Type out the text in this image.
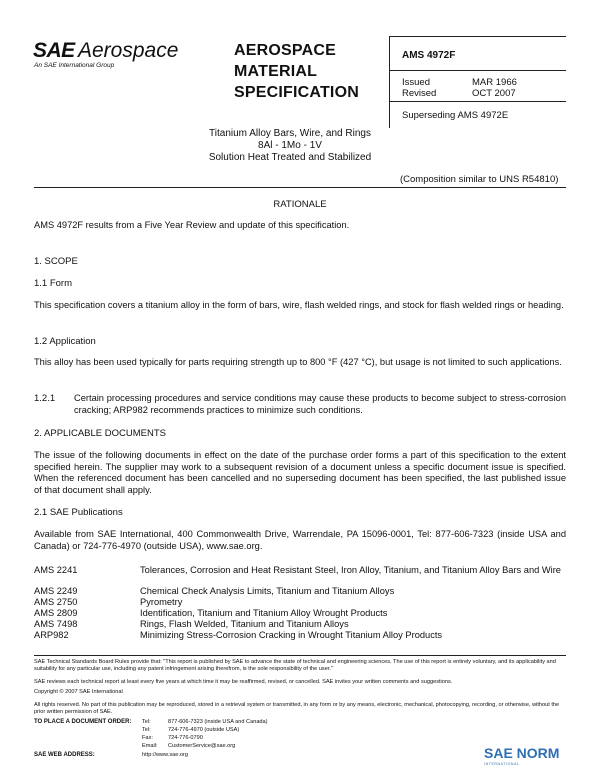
SAE Aerospace
An SAE International Group
AEROSPACE
MATERIAL
SPECIFICATION
AMS 4972F
Issued	MAR 1966
Revised	OCT 2007
Superseding AMS 4972E
Titanium Alloy Bars, Wire, and Rings
8Al - 1Mo - 1V
Solution Heat Treated and Stabilized
(Composition similar to UNS R54810)
RATIONALE
AMS 4972F results from a Five Year Review and update of this specification.
1. SCOPE
1.1 Form
This specification covers a titanium alloy in the form of bars, wire, flash welded rings, and stock for flash welded rings or heading.
1.2 Application
This alloy has been used typically for parts requiring strength up to 800 °F (427 °C), but usage is not limited to such applications.
1.2.1 Certain processing procedures and service conditions may cause these products to become subject to stress-corrosion cracking; ARP982 recommends practices to minimize such conditions.
2. APPLICABLE DOCUMENTS
The issue of the following documents in effect on the date of the purchase order forms a part of this specification to the extent specified herein. The supplier may work to a subsequent revision of a document unless a specific document issue is specified. When the referenced document has been cancelled and no superseding document has been specified, the last published issue of that document shall apply.
2.1 SAE Publications
Available from SAE International, 400 Commonwealth Drive, Warrendale, PA 15096-0001, Tel: 877-606-7323 (inside USA and Canada) or 724-776-4970 (outside USA), www.sae.org.
AMS 2241	Tolerances, Corrosion and Heat Resistant Steel, Iron Alloy, Titanium, and Titanium Alloy Bars and Wire
AMS 2249	Chemical Check Analysis Limits, Titanium and Titanium Alloys
AMS 2750	Pyrometry
AMS 2809	Identification, Titanium and Titanium Alloy Wrought Products
AMS 7498	Rings, Flash Welded, Titanium and Titanium Alloys
ARP982	Minimizing Stress-Corrosion Cracking in Wrought Titanium Alloy Products
SAE Technical Standards Board Rules provide that: "This report is published by SAE to advance the state of technical and engineering sciences. The use of this report is entirely voluntary, and its applicability and suitability for any particular use, including any patent infringement arising therefrom, is the sole responsibility of the user."
SAE reviews each technical report at least every five years at which time it may be reaffirmed, revised, or cancelled. SAE invites your written comments and suggestions.
Copyright © 2007 SAE International
All rights reserved. No part of this publication may be reproduced, stored in a retrieval system or transmitted, in any form or by any means, electronic, mechanical, photocopying, recording, or otherwise, without the prior written permission of SAE.
TO PLACE A DOCUMENT ORDER: Tel:	877-606-7323 (inside USA and Canada)
Tel:	724-776-4970 (outside USA)
Fax:	724-776-0790
Email: CustomerService@sae.org
SAE WEB ADDRESS:	http://www.sae.org	SAE NORM
INTERNATIONAL
